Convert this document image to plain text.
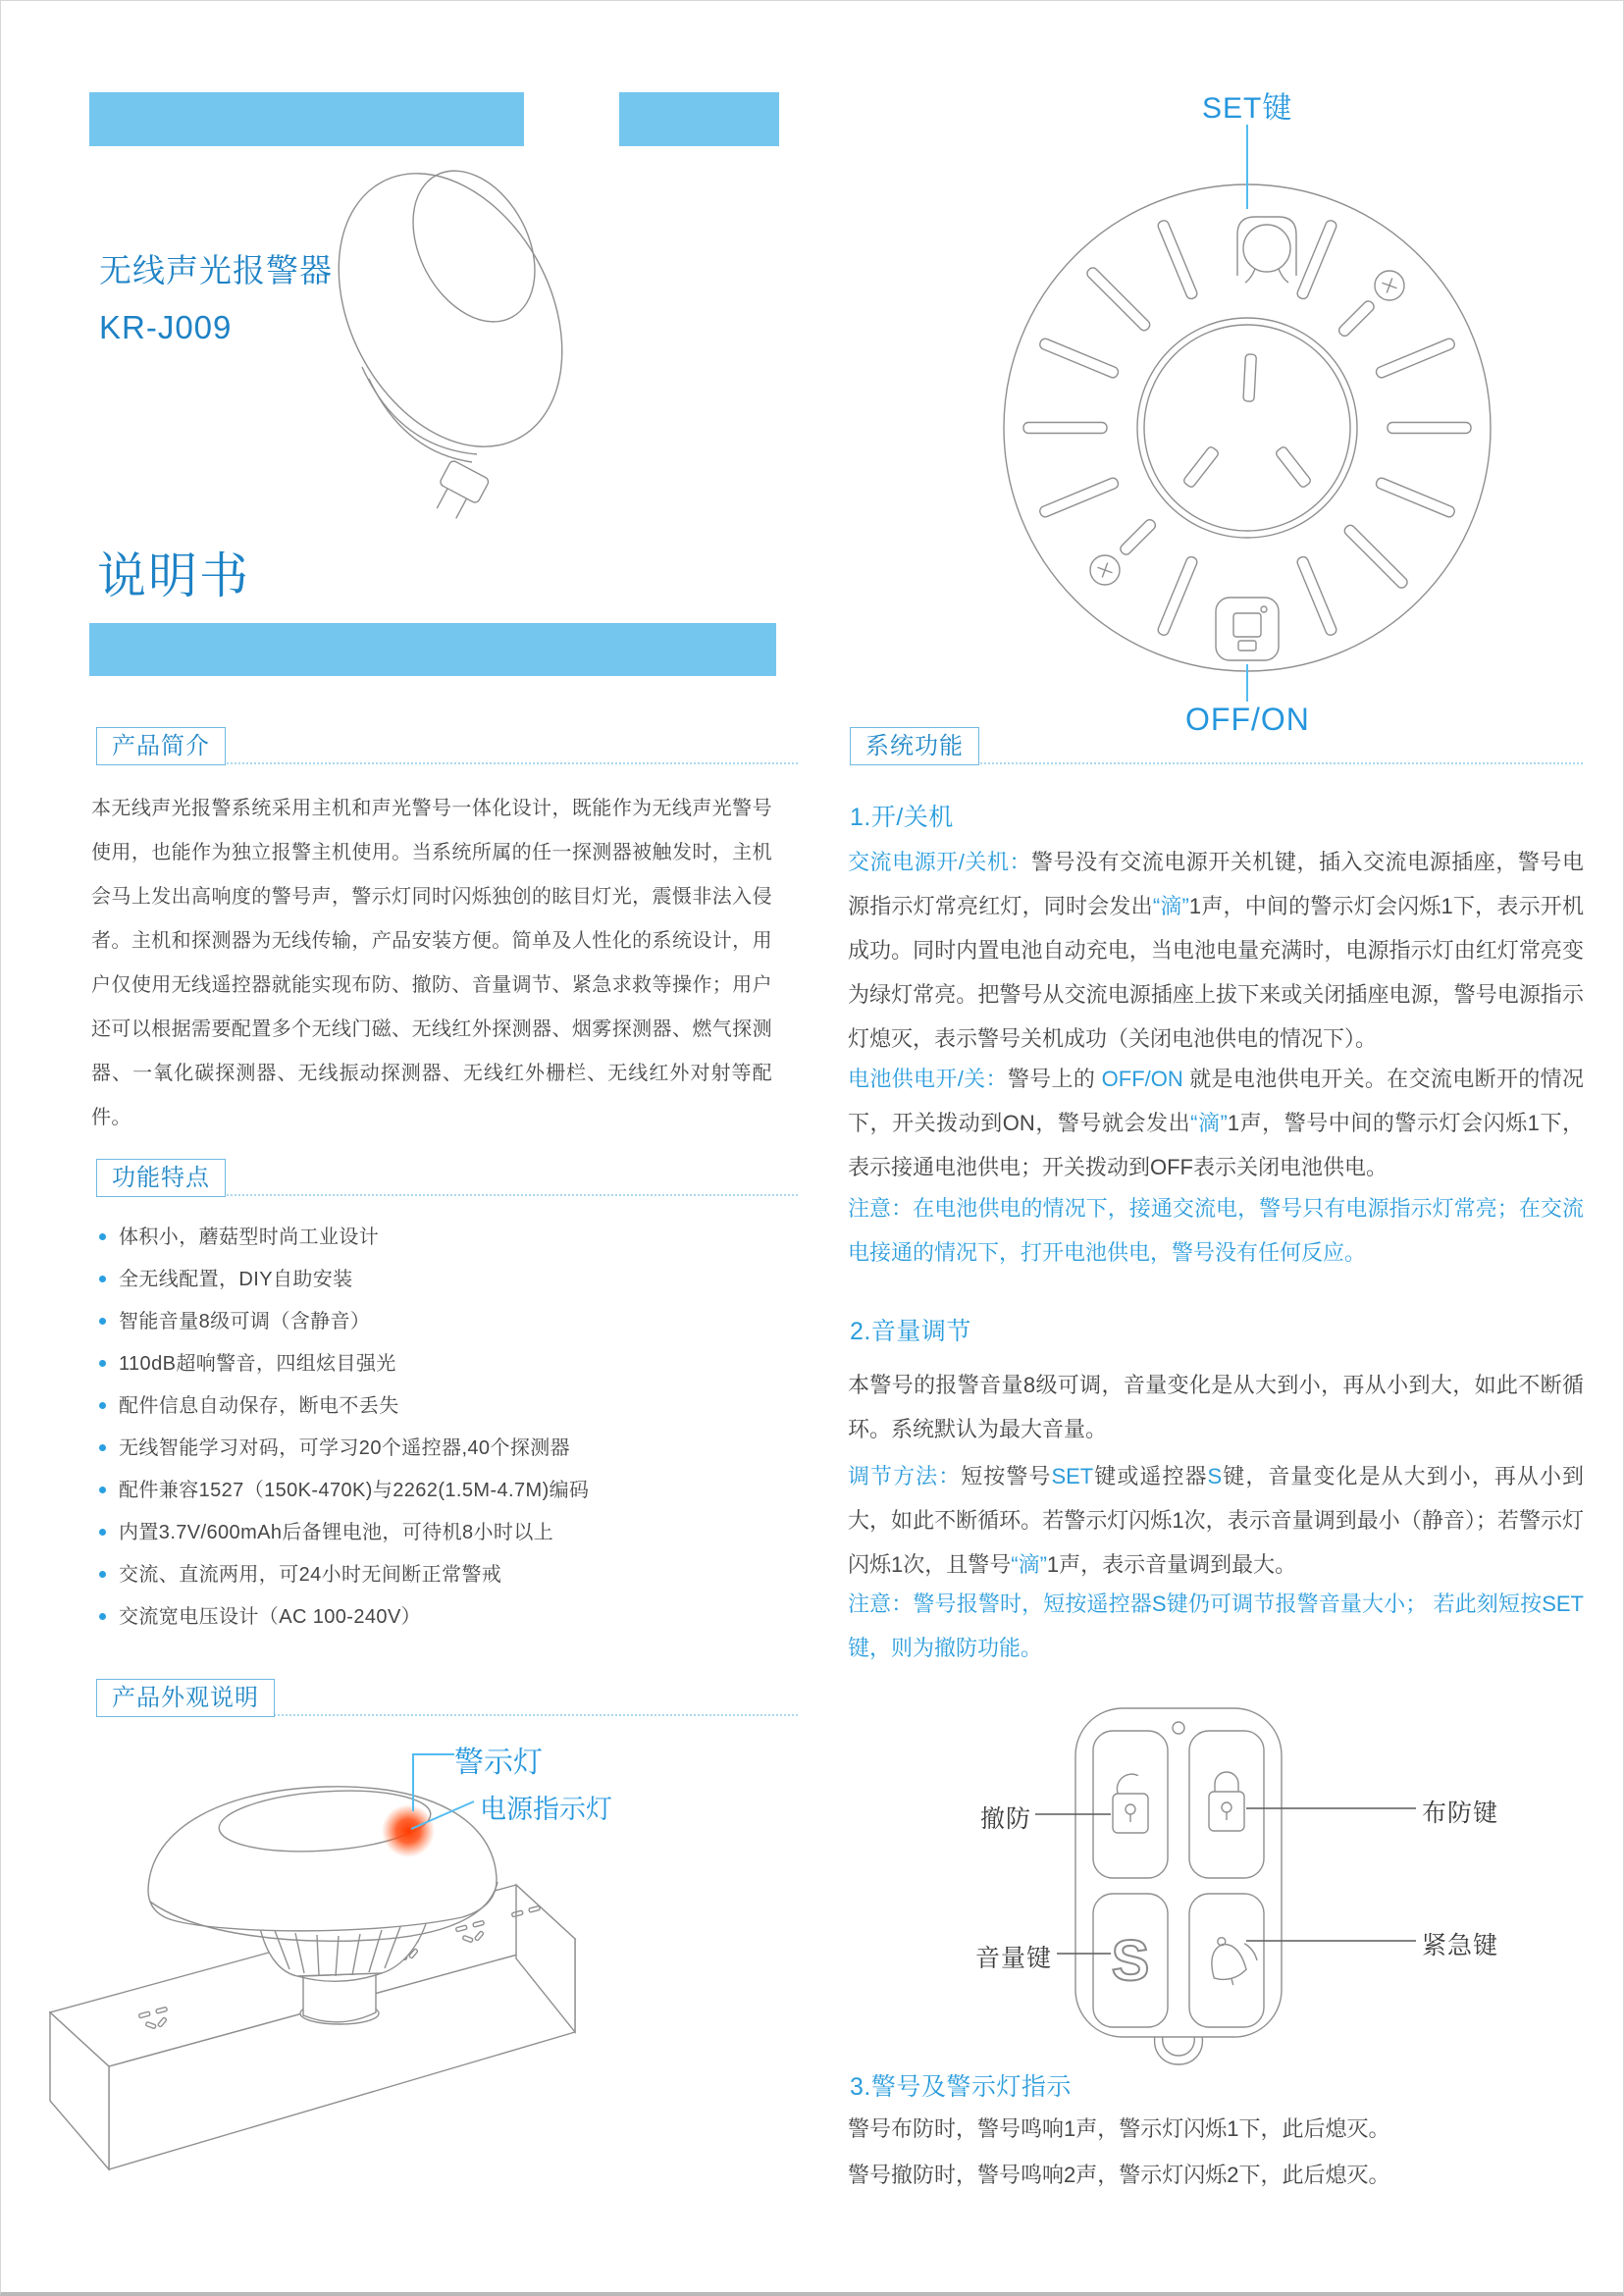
无线声光报警器
KR-J009
说明书
产品简介
本无线声光报警系统采用主机和声光警号一体化设计，既能作为无线声光警号使用，也能作为独立报警主机使用。当系统所属的任一探测器被触发时，主机会马上发出高响度的警号声，警示灯同时闪烁独创的眩目灯光，震慑非法入侵者。主机和探测器为无线传输，产品安装方便。简单及人性化的系统设计，用户仅使用无线遥控器就能实现布防、撤防、音量调节、紧急求救等操作；用户还可以根据需要配置多个无线门磁、无线红外探测器、烟雾探测器、燃气探测器、一氧化碳探测器、无线振动探测器、无线红外栅栏、无线红外对射等配件。
功能特点
体积小，蘑菇型时尚工业设计
全无线配置，DIY自助安装
智能音量8级可调（含静音）
110dB超响警音，四组炫目强光
配件信息自动保存，断电不丢失
无线智能学习对码，可学习20个遥控器,40个探测器
配件兼容1527（150K-470K)与2262(1.5M-4.7M)编码
内置3.7V/600mAh后备锂电池，可待机8小时以上
交流、直流两用，可24小时无间断正常警戒
交流宽电压设计（AC 100-240V）
产品外观说明
警示灯
电源指示灯
SET键
OFF/ON
系统功能
1.开/关机
交流电源开/关机：警号没有交流电源开关机键，插入交流电源插座，警号电源指示灯常亮红灯，同时会发出“滴”1声，中间的警示灯会闪烁1下，表示开机成功。同时内置电池自动充电，当电池电量充满时，电源指示灯由红灯常亮变为绿灯常亮。把警号从交流电源插座上拔下来或关闭插座电源，警号电源指示灯熄灭，表示警号关机成功（关闭电池供电的情况下）。
电池供电开/关：警号上的 OFF/ON 就是电池供电开关。在交流电断开的情况下，开关拨动到ON，警号就会发出“滴”1声，警号中间的警示灯会闪烁1下，表示接通电池供电；开关拨动到OFF表示关闭电池供电。
注意：在电池供电的情况下，接通交流电，警号只有电源指示灯常亮；在交流电接通的情况下，打开电池供电，警号没有任何反应。
2.音量调节
本警号的报警音量8级可调，音量变化是从大到小，再从小到大，如此不断循环。系统默认为最大音量。
调节方法：短按警号SET键或遥控器S键，音量变化是从大到小，再从小到大，如此不断循环。若警示灯闪烁1次，表示音量调到最小（静音）；若警示灯闪烁1次，且警号“滴”1声，表示音量调到最大。
注意：警号报警时，短按遥控器S键仍可调节报警音量大小； 若此刻短按SET键，则为撤防功能。
S
撤防	布防键
音量键	紧急键
3.警号及警示灯指示
警号布防时，警号鸣响1声，警示灯闪烁1下，此后熄灭。
警号撤防时，警号鸣响2声，警示灯闪烁2下，此后熄灭。
